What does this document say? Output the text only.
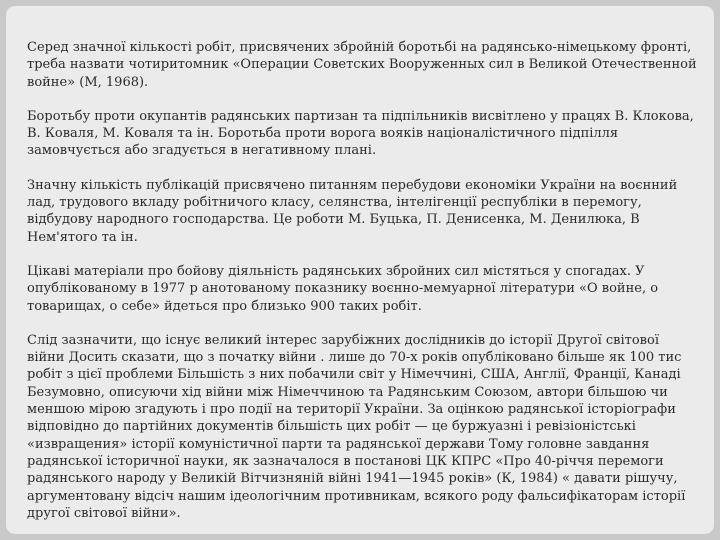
Серед значної кількості робіт, присвячених збройній боротьбі на радянсько-німецькому фронті, треба назвати чотиритомник «Операции Советских Вооруженных сил в Великой Отечественной войне» (М, 1968).

Боротьбу проти окупантів радянських партизан та підпільників висвітлено у працях В. Клокова, В. Коваля, М. Коваля та ін. Боротьба проти ворога вояків націоналістичного підпілля замовчується або згадується в негативному плані.

Значну кількість публікацій присвячено питанням перебудови економіки України на воєнний лад, трудового вкладу робітничого класу, селянства, інтелігенції республіки в перемогу, відбудову народного господарства. Це роботи М. Буцька, П. Денисенка, М. Денилюка, В Нем'ятого та ін.

Цікаві матеріали про бойову діяльність радянських збройних сил містяться у спогадах. У опублікованому в 1977 р анотованому показнику воєнно-мемуарної літератури «О войне, о товарищах, о себе» йдеться про близько 900 таких робіт.

Слід зазначити, що існує великий інтерес зарубіжних дослідників до історії Другої світової війни Досить сказати, що з початку війни . лише до 70-х років опубліковано більше як 100 тис робіт з цієї проблеми Більшість з них побачили світ у Німеччині, США, Англії, Франції, Канаді Безумовно, описуючи хід війни між Німеччиною та Радянським Союзом, автори більшою чи меншою мірою згадують і про події на території України. За оцінкою радянської історіографи відповідно до партійних документів більшість цих робіт — це буржуазні і ревізіоністські «извращения» історії комуністичної парти та радянської держави Тому головне завдання радянської історичної науки, як зазначалося в постанові ЦК КПРС «Про 40-річчя перемоги радянського народу у Великій Вітчизняній війні 1941—1945 років» (К, 1984) « давати рішучу, аргументовану відсіч нашим ідеологічним противникам, всякого роду фальсифікаторам історії другої світової війни».
